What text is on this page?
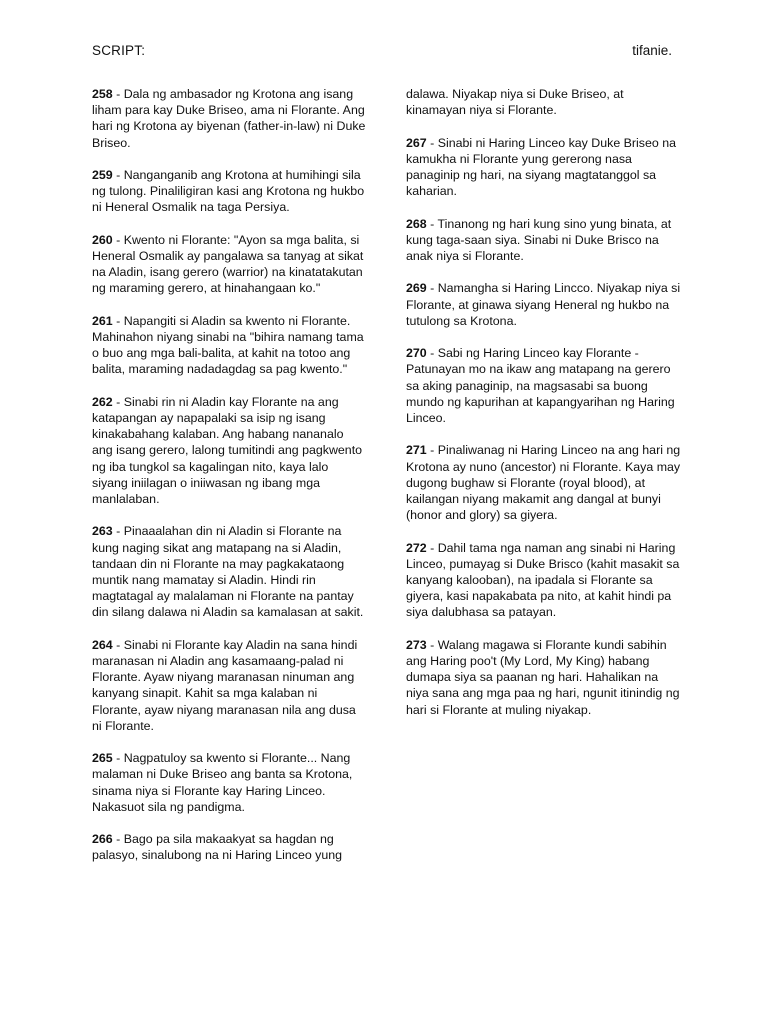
SCRIPT:	tifanie.

258 - Dala ng ambasador ng Krotona ang isang liham para kay Duke Briseo, ama ni Florante. Ang hari ng Krotona ay biyenan (father-in-law) ni Duke Briseo.

259 - Nanganganib ang Krotona at humihingi sila ng tulong. Pinaliligiran kasi ang Krotona ng hukbo ni Heneral Osmalik na taga Persiya.

260 - Kwento ni Florante: "Ayon sa mga balita, si Heneral Osmalik ay pangalawa sa tanyag at sikat na Aladin, isang gerero (warrior) na kinatatakutan ng maraming gerero, at hinahangaan ko."

261 - Napangiti si Aladin sa kwento ni Florante. Mahinahon niyang sinabi na "bihira namang tama o buo ang mga bali-balita, at kahit na totoo ang balita, maraming nadadagdag sa pag kwento."

262 - Sinabi rin ni Aladin kay Florante na ang katapangan ay napapalaki sa isip ng isang kinakabahang kalaban. Ang habang nananalo ang isang gerero, lalong tumitindi ang pagkwento ng iba tungkol sa kagalingan nito, kaya lalo siyang iniilagan o iniiwasan ng ibang mga manlalaban.

263 - Pinaaalahan din ni Aladin si Florante na kung naging sikat ang matapang na si Aladin, tandaan din ni Florante na may pagkakataong muntik nang mamatay si Aladin. Hindi rin magtatagal ay malalaman ni Florante na pantay din silang dalawa ni Aladin sa kamalasan at sakit.

264 - Sinabi ni Florante kay Aladin na sana hindi maranasan ni Aladin ang kasamaang-palad ni Florante. Ayaw niyang maranasan ninuman ang kanyang sinapit. Kahit sa mga kalaban ni Florante, ayaw niyang maranasan nila ang dusa ni Florante.

265 - Nagpatuloy sa kwento si Florante... Nang malaman ni Duke Briseo ang banta sa Krotona, sinama niya si Florante kay Haring Linceo. Nakasuot sila ng pandigma.

266 - Bago pa sila makaakyat sa hagdan ng palasyo, sinalubong na ni Haring Linceo yung

dalawa. Niyakap niya si Duke Briseo, at kinamayan niya si Florante.

267 - Sinabi ni Haring Linceo kay Duke Briseo na kamukha ni Florante yung gererong nasa panaginip ng hari, na siyang magtatanggol sa kaharian.

268 - Tinanong ng hari kung sino yung binata, at kung taga-saan siya. Sinabi ni Duke Brisco na anak niya si Florante.

269 - Namangha si Haring Lincco. Niyakap niya si Florante, at ginawa siyang Heneral ng hukbo na tutulong sa Krotona.

270 - Sabi ng Haring Linceo kay Florante - Patunayan mo na ikaw ang matapang na gerero sa aking panaginip, na magsasabi sa buong mundo ng kapurihan at kapangyarihan ng Haring Linceo.

271 - Pinaliwanag ni Haring Linceo na ang hari ng Krotona ay nuno (ancestor) ni Florante. Kaya may dugong bughaw si Florante (royal blood), at kailangan niyang makamit ang dangal at bunyi (honor and glory) sa giyera.

272 - Dahil tama nga naman ang sinabi ni Haring Linceo, pumayag si Duke Brisco (kahit masakit sa kanyang kalooban), na ipadala si Florante sa giyera, kasi napakabata pa nito, at kahit hindi pa siya dalubhasa sa patayan.

273 - Walang magawa si Florante kundi sabihin ang Haring poo't (My Lord, My King) habang dumapa siya sa paanan ng hari. Hahalikan na niya sana ang mga paa ng hari, ngunit itinindig ng hari si Florante at muling niyakap.
